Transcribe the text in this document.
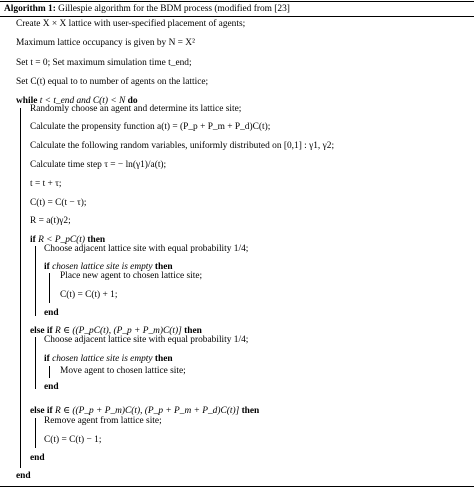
Algorithm 1: Gillespie algorithm for the BDM process (modified from [23]
Create X × X lattice with user-specified placement of agents;
Maximum lattice occupancy is given by N = X²
Set t = 0; Set maximum simulation time t_end;
Set C(t) equal to to number of agents on the lattice;
while t < t_end and C(t) < N do
Randomly choose an agent and determine its lattice site;
Calculate the propensity function a(t) = (P_p + P_m + P_d)C(t);
Calculate the following random variables, uniformly distributed on [0,1] : γ1, γ2;
Calculate time step τ = − ln(γ1)/a(t);
t = t + τ;
C(t) = C(t − τ);
R = a(t)γ2;
if R < P_pC(t) then
Choose adjacent lattice site with equal probability 1/4;
if chosen lattice site is empty then
Place new agent to chosen lattice site;
C(t) = C(t) + 1;
end
else if R ∈ ((P_pC(t), (P_p + P_m)C(t)] then
Choose adjacent lattice site with equal probability 1/4;
if chosen lattice site is empty then
Move agent to chosen lattice site;
end
else if R ∈ ((P_p + P_m)C(t), (P_p + P_m + P_d)C(t)] then
Remove agent from lattice site;
C(t) = C(t) − 1;
end
end
